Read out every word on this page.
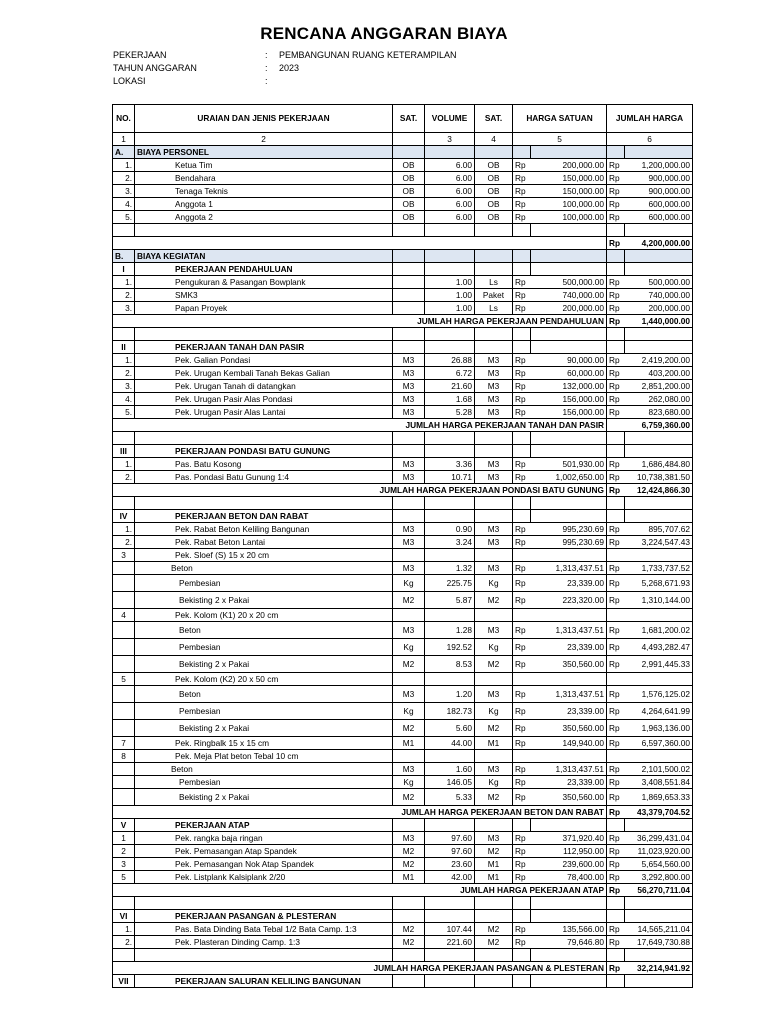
RENCANA ANGGARAN BIAYA
PEKERJAAN	: PEMBANGUNAN RUANG KETERAMPILAN
TAHUN ANGGARAN	: 2023
LOKASI	:
NO.	URAIAN DAN JENIS PEKERJAAN	SAT.	VOLUME	SAT.	HARGA SATUAN		JUMLAH HARGA	
1	2		3	4	5		6	
A.	BIAYA PERSONEL							
1.	Ketua Tim	OB	6.00	OB	Rp	200,000.00	Rp	1,200,000.00
2.	Bendahara	OB	6.00	OB	Rp	150,000.00	Rp	900,000.00
3.	Tenaga Teknis	OB	6.00	OB	Rp	150,000.00	Rp	900,000.00
4.	Anggota 1	OB	6.00	OB	Rp	100,000.00	Rp	600,000.00
5.	Anggota 2	OB	6.00	OB	Rp	100,000.00	Rp	600,000.00

							Rp	4,200,000.00
B.	BIAYA KEGIATAN							
I	PEKERJAAN PENDAHULUAN							
1.	Pengukuran & Pasangan Bowplank		1.00	Ls	Rp	500,000.00	Rp	500,000.00
2.	SMK3		1.00	Paket	Rp	740,000.00	Rp	740,000.00
3.	Papan Proyek		1.00	Ls	Rp	200,000.00	Rp	200,000.00
JUMLAH HARGA PEKERJAAN PENDAHULUAN							Rp	1,440,000.00

II	PEKERJAAN TANAH DAN PASIR							
1.	Pek. Galian Pondasi	M3	26.88	M3	Rp	90,000.00	Rp	2,419,200.00
2.	Pek. Urugan Kembali Tanah Bekas Galian	M3	6.72	M3	Rp	60,000.00	Rp	403,200.00
3.	Pek. Urugan Tanah di datangkan	M3	21.60	M3	Rp	132,000.00	Rp	2,851,200.00
4.	Pek. Urugan Pasir Alas Pondasi	M3	1.68	M3	Rp	156,000.00	Rp	262,080.00
5.	Pek. Urugan Pasir Alas Lantai	M3	5.28	M3	Rp	156,000.00	Rp	823,680.00
JUMLAH HARGA PEKERJAAN TANAH DAN PASIR								6,759,360.00

III	PEKERJAAN PONDASI BATU GUNUNG							
1.	Pas. Batu Kosong	M3	3.36	M3	Rp	501,930.00	Rp	1,686,484.80
2.	Pas. Pondasi Batu Gunung 1:4	M3	10.71	M3	Rp	1,002,650.00	Rp	10,738,381.50
JUMLAH HARGA PEKERJAAN PONDASI BATU GUNUNG							Rp	12,424,866.30

IV	PEKERJAAN BETON DAN RABAT							
1.	Pek. Rabat Beton Keliling Bangunan	M3	0.90	M3	Rp	995,230.69	Rp	895,707.62
2.	Pek. Rabat Beton Lantai	M3	3.24	M3	Rp	995,230.69	Rp	3,224,547.43
3	Pek. Sloef (S) 15 x 20 cm							
	Beton	M3	1.32	M3	Rp	1,313,437.51	Rp	1,733,737.52
	Pembesian	Kg	225.75	Kg	Rp	23,339.00	Rp	5,268,671.93
	Bekisting 2 x Pakai	M2	5.87	M2	Rp	223,320.00	Rp	1,310,144.00
4	Pek. Kolom (K1) 20 x 20 cm							
	Beton	M3	1.28	M3	Rp	1,313,437.51	Rp	1,681,200.02
	Pembesian	Kg	192.52	Kg	Rp	23,339.00	Rp	4,493,282.47
	Bekisting 2 x Pakai	M2	8.53	M2	Rp	350,560.00	Rp	2,991,445.33
5	Pek. Kolom (K2) 20 x 50 cm							
	Beton	M3	1.20	M3	Rp	1,313,437.51	Rp	1,576,125.02
	Pembesian	Kg	182.73	Kg	Rp	23,339.00	Rp	4,264,641.99
	Bekisting 2 x Pakai	M2	5.60	M2	Rp	350,560.00	Rp	1,963,136.00
7	Pek. Ringbalk 15 x 15 cm	M1	44.00	M1	Rp	149,940.00	Rp	6,597,360.00
8	Pek. Meja Plat beton Tebal 10 cm							
	Beton	M3	1.60	M3	Rp	1,313,437.51	Rp	2,101,500.02
	Pembesian	Kg	146.05	Kg	Rp	23,339.00	Rp	3,408,551.84
	Bekisting 2 x Pakai	M2	5.33	M2	Rp	350,560.00	Rp	1,869,653.33
JUMLAH HARGA PEKERJAAN BETON DAN RABAT							Rp	43,379,704.52
V	PEKERJAAN ATAP							
1	Pek. rangka baja ringan	M3	97.60	M3	Rp	371,920.40	Rp	36,299,431.04
2	Pek. Pemasangan Atap Spandek	M2	97.60	M2	Rp	112,950.00	Rp	11,023,920.00
3	Pek. Pemasangan Nok Atap Spandek	M2	23.60	M1	Rp	239,600.00	Rp	5,654,560.00
5	Pek. Listplank Kalsiplank 2/20	M1	42.00	M1	Rp	78,400.00	Rp	3,292,800.00
JUMLAH HARGA PEKERJAAN ATAP							Rp	56,270,711.04

VI	PEKERJAAN PASANGAN & PLESTERAN							
1.	Pas. Bata Dinding Bata Tebal 1/2 Bata Camp. 1:3	M2	107.44	M2	Rp	135,566.00	Rp	14,565,211.04
2.	Pek. Plasteran Dinding Camp. 1:3	M2	221.60	M2	Rp	79,646.80	Rp	17,649,730.88

JUMLAH HARGA PEKERJAAN PASANGAN & PLESTERAN							Rp	32,214,941.92
VII	PEKERJAAN SALURAN KELILING BANGUNAN							
